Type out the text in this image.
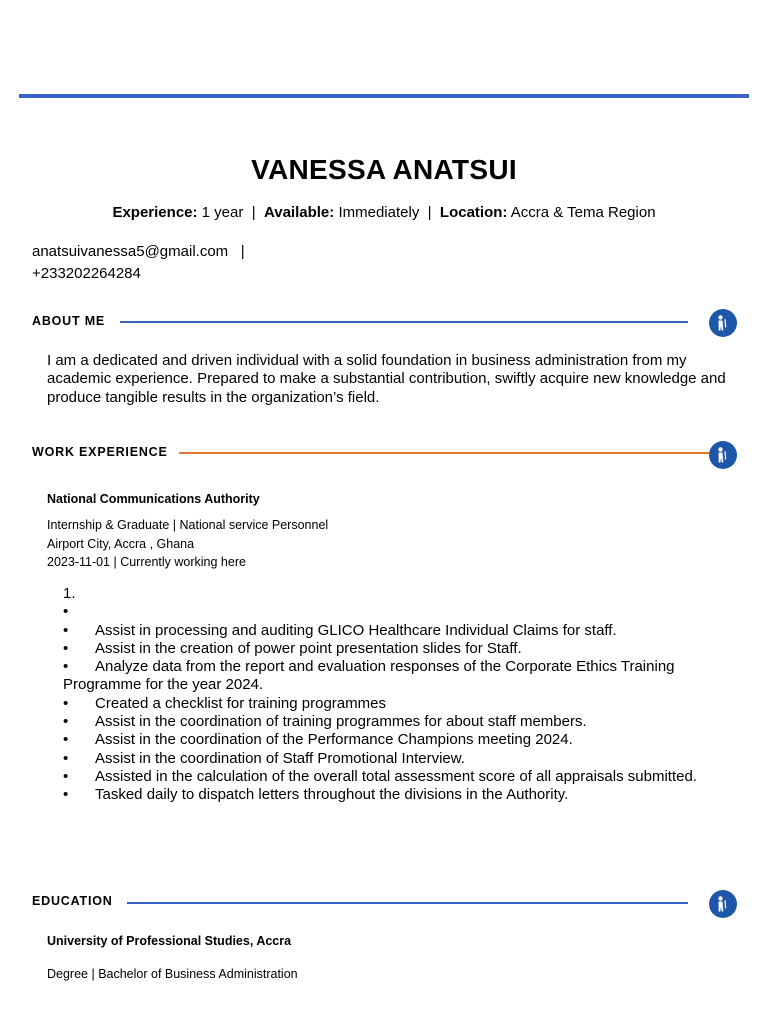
VANESSA ANATSUI
Experience: 1 year | Available: Immediately | Location: Accra & Tema Region
anatsuivanessa5@gmail.com |
+233202264284
ABOUT ME
I am a dedicated and driven individual with a solid foundation in business administration from my academic experience. Prepared to make a substantial contribution, swiftly acquire new knowledge and produce tangible results in the organization’s field.
WORK EXPERIENCE
National Communications Authority
Internship & Graduate | National service Personnel
Airport City, Accra , Ghana
2023-11-01 | Currently working here
1.
•
• Assist in processing and auditing GLICO Healthcare Individual Claims for staff.
• Assist in the creation of power point presentation slides for Staff.
• Analyze data from the report and evaluation responses of the Corporate Ethics Training Programme for the year 2024.
• Created a checklist for training programmes
• Assist in the coordination of training programmes for about staff members.
• Assist in the coordination of the Performance Champions meeting 2024.
• Assist in the coordination of Staff Promotional Interview.
• Assisted in the calculation of the overall total assessment score of all appraisals submitted.
• Tasked daily to dispatch letters throughout the divisions in the Authority.
EDUCATION
University of Professional Studies, Accra
Degree | Bachelor of Business Administration
